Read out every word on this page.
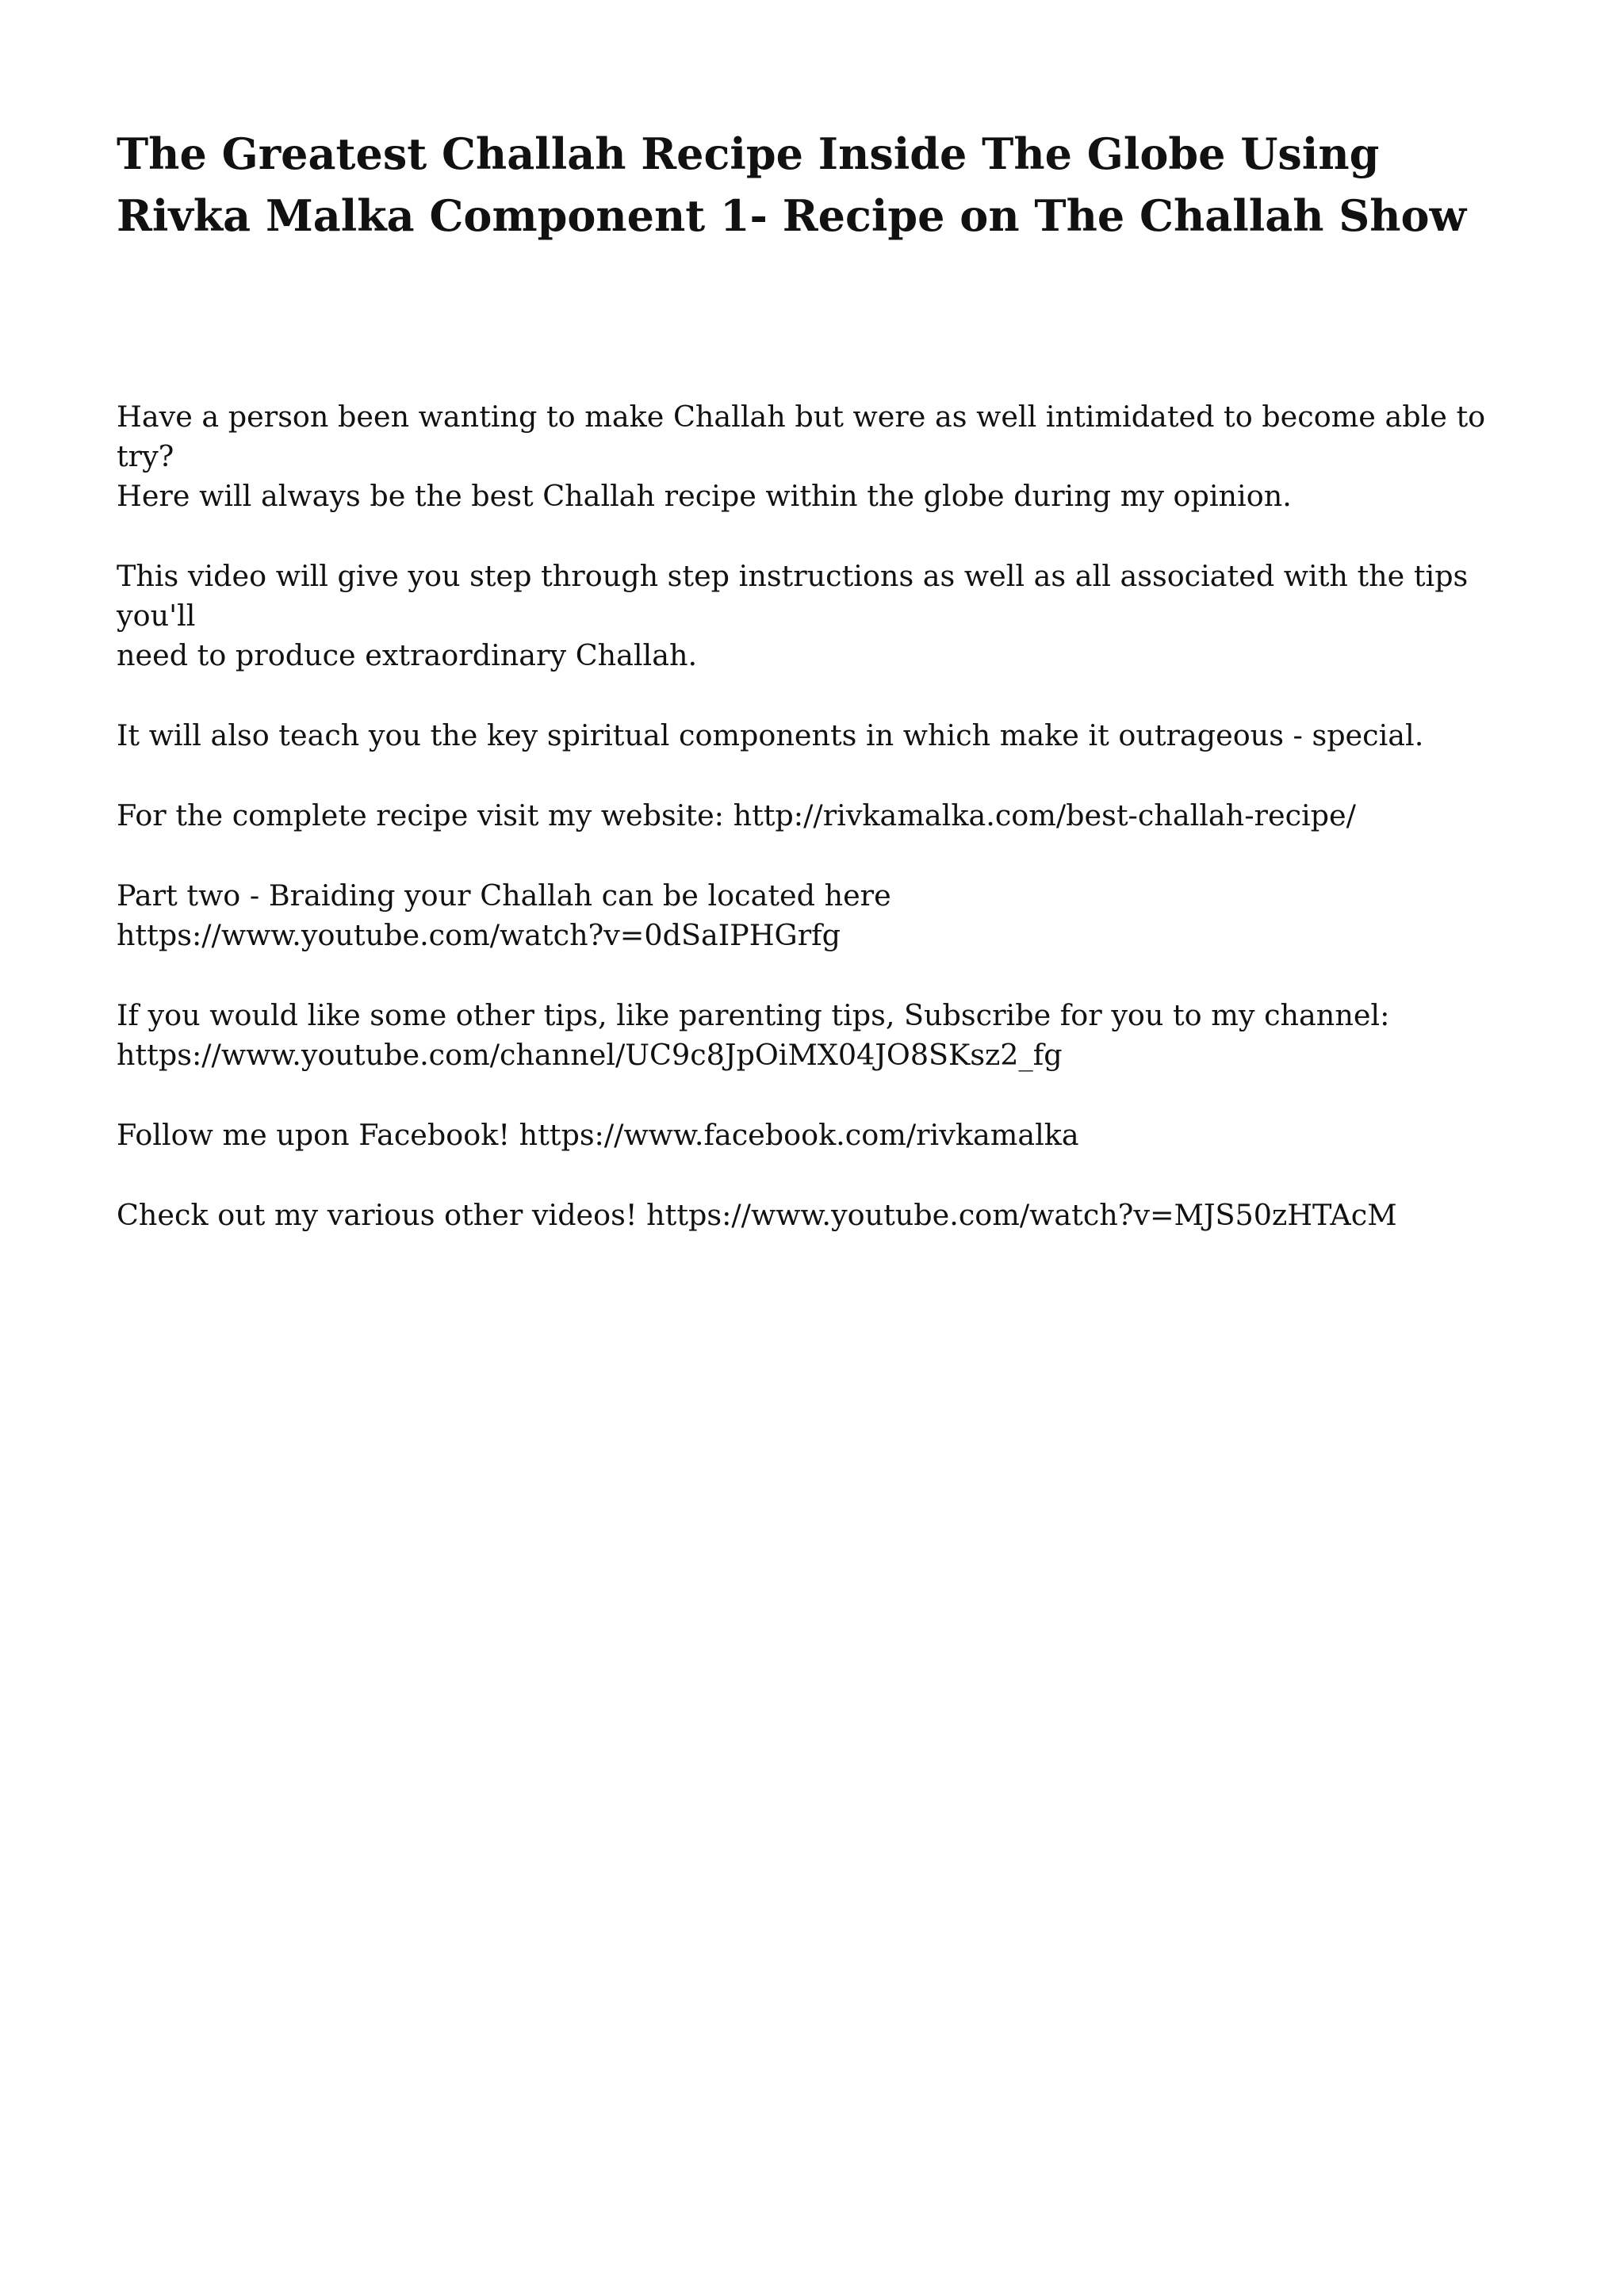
The Greatest Challah Recipe Inside The Globe Using Rivka Malka Component 1- Recipe on The Challah Show

Have a person been wanting to make Challah but were as well intimidated to become able to try?
Here will always be the best Challah recipe within the globe during my opinion.

This video will give you step through step instructions as well as all associated with the tips you'll
need to produce extraordinary Challah.

It will also teach you the key spiritual components in which make it outrageous - special.

For the complete recipe visit my website: http://rivkamalka.com/best-challah-recipe/

Part two - Braiding your Challah can be located here
https://www.youtube.com/watch?v=0dSaIPHGrfg

If you would like some other tips, like parenting tips, Subscribe for you to my channel:
https://www.youtube.com/channel/UC9c8JpOiMX04JO8SKsz2_fg

Follow me upon Facebook! https://www.facebook.com/rivkamalka

Check out my various other videos! https://www.youtube.com/watch?v=MJS50zHTAcM
